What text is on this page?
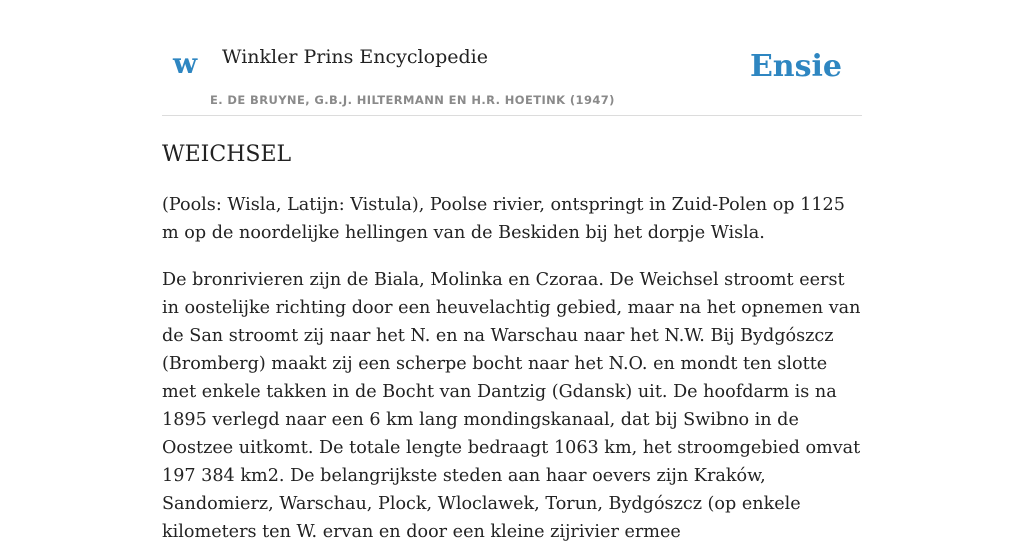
w Winkler Prins Encyclopedie
E. DE BRUYNE, G.B.J. HILTERMANN EN H.R. HOETINK (1947)
Ensie
WEICHSEL

(Pools: Wisla, Latijn: Vistula), Poolse rivier, ontspringt in Zuid-Polen op 1125 m op de noordelijke hellingen van de Beskiden bij het dorpje Wisla.

De bronrivieren zijn de Biala, Molinka en Czoraa. De Weichsel stroomt eerst in oostelijke richting door een heuvelachtig gebied, maar na het opnemen van de San stroomt zij naar het N. en na Warschau naar het N.W. Bij Bydgószcz (Bromberg) maakt zij een scherpe bocht naar het N.O. en mondt ten slotte met enkele takken in de Bocht van Dantzig (Gdansk) uit. De hoofdarm is na 1895 verlegd naar een 6 km lang mondingskanaal, dat bij Swibno in de Oostzee uitkomt. De totale lengte bedraagt 1063 km, het stroomgebied omvat 197 384 km2. De belangrijkste steden aan haar oevers zijn Kraków, Sandomierz, Warschau, Plock, Wloclawek, Torun, Bydgószcz (op enkele kilometers ten W. ervan en door een kleine zijrivier ermee
